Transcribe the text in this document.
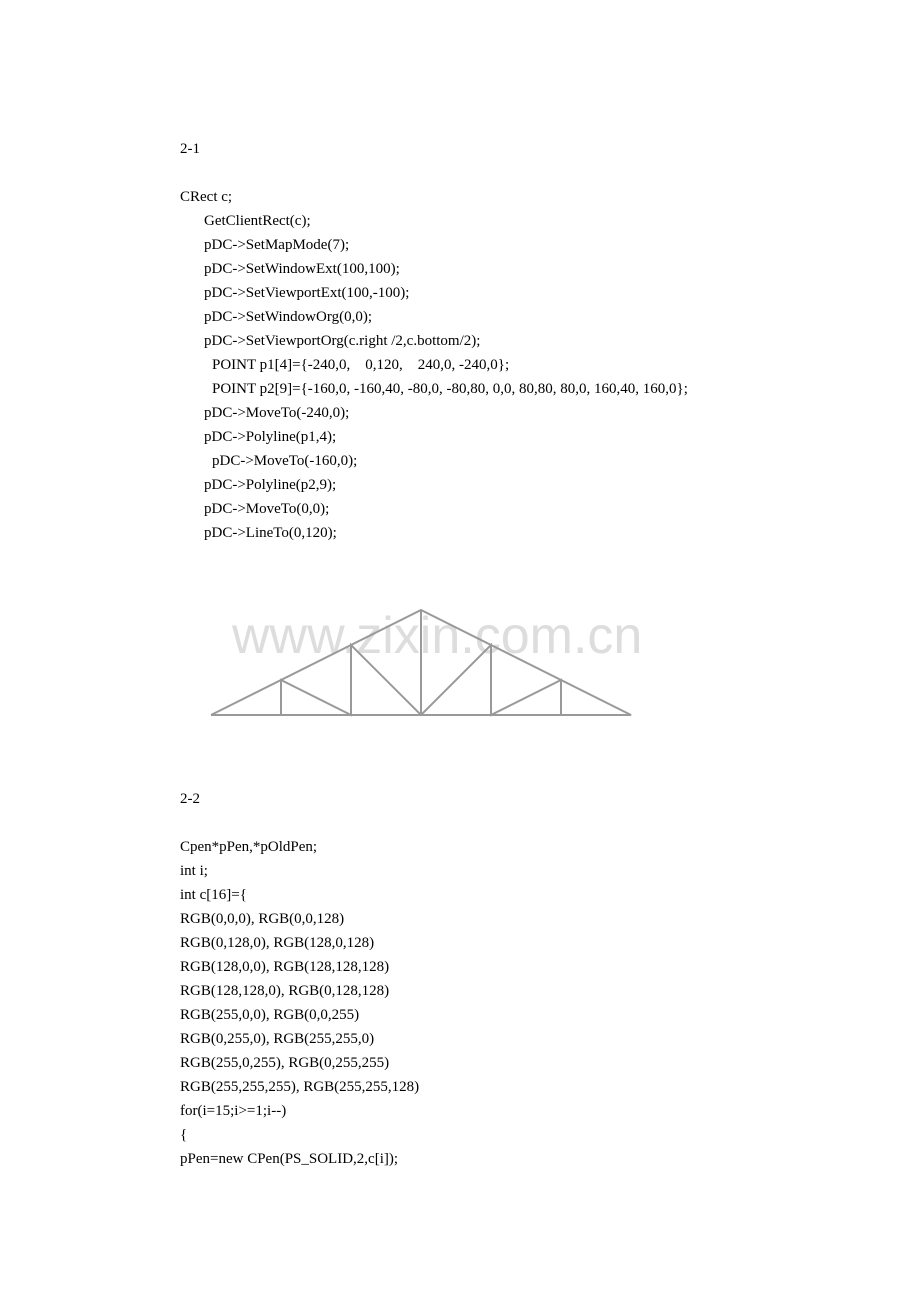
2-1
CRect c;
GetClientRect(c);
pDC->SetMapMode(7);
pDC->SetWindowExt(100,100);
pDC->SetViewportExt(100,-100);
pDC->SetWindowOrg(0,0);
pDC->SetViewportOrg(c.right /2,c.bottom/2);
POINT p1[4]={-240,0,    0,120,    240,0, -240,0};
POINT p2[9]={-160,0, -160,40, -80,0, -80,80, 0,0, 80,80, 80,0, 160,40, 160,0};
pDC->MoveTo(-240,0);
pDC->Polyline(p1,4);
pDC->MoveTo(-160,0);
pDC->Polyline(p2,9);
pDC->MoveTo(0,0);
pDC->LineTo(0,120);
www.zixin.com.cn
2-2
Cpen*pPen,*pOldPen;
int i;
int c[16]={
RGB(0,0,0), RGB(0,0,128)
RGB(0,128,0), RGB(128,0,128)
RGB(128,0,0), RGB(128,128,128)
RGB(128,128,0), RGB(0,128,128)
RGB(255,0,0), RGB(0,0,255)
RGB(0,255,0), RGB(255,255,0)
RGB(255,0,255), RGB(0,255,255)
RGB(255,255,255), RGB(255,255,128)
for(i=15;i>=1;i--)
{
pPen=new CPen(PS_SOLID,2,c[i]);
